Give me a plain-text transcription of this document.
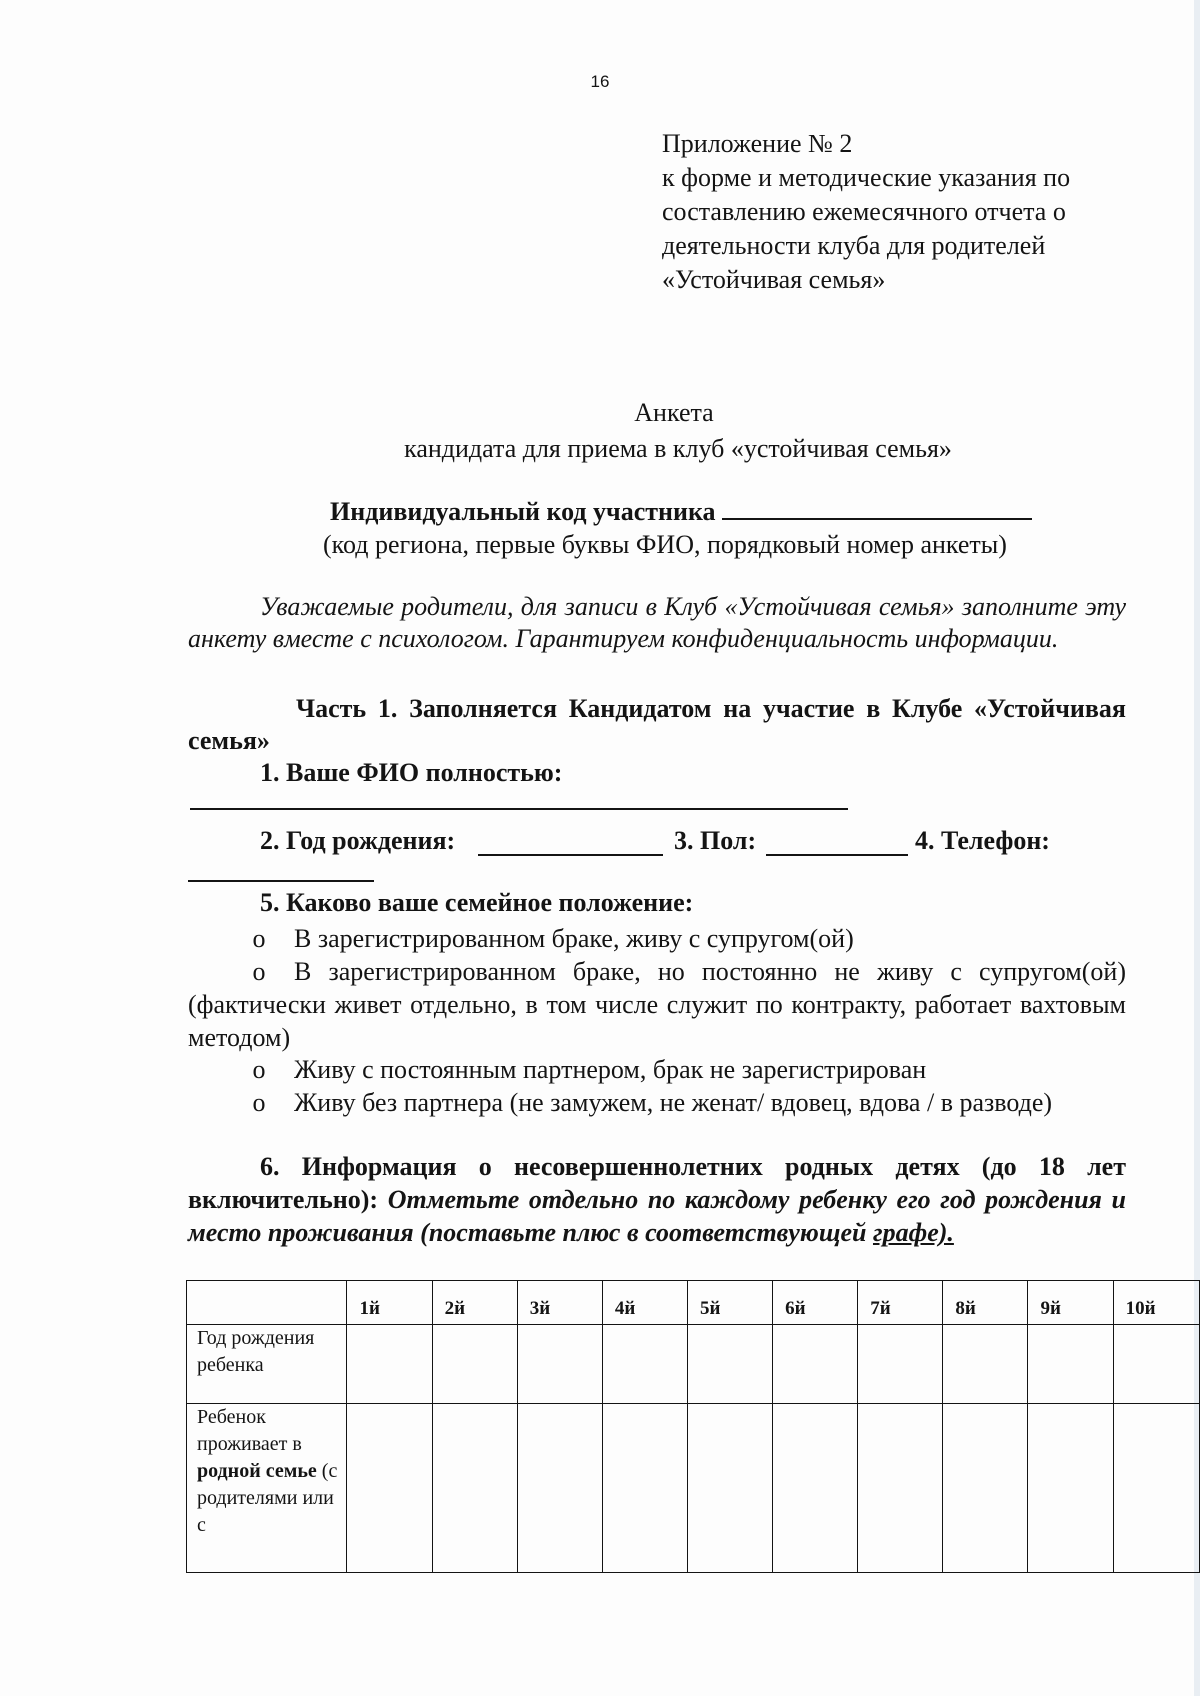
16
Приложение № 2
к форме и методические указания по
составлению ежемесячного отчета о
деятельности клуба для родителей
«Устойчивая семья»
Анкета
кандидата для приема в клуб «устойчивая семья»
Индивидуальный код участника
(код региона, первые буквы ФИО, порядковый номер анкеты)
Уважаемые родители, для записи в Клуб «Устойчивая семья» заполните эту анкету вместе с психологом. Гарантируем конфиденциальность информации.
Часть 1. Заполняется Кандидатом на участие в Клубе «Устойчивая семья»
1. Ваше ФИО полностью:
2. Год рождения:	3. Пол:	4. Телефон:
5. Каково ваше семейное положение:
o В зарегистрированном браке, живу с супругом(ой)
o В зарегистрированном браке, но постоянно не живу с супругом(ой) (фактически живет отдельно, в том числе служит по контракту, работает вахтовым методом)
o Живу с постоянным партнером, брак не зарегистрирован
o Живу без партнера (не замужем, не женат/ вдовец, вдова / в разводе)
6. Информация о несовершеннолетних родных детях (до 18 лет включительно): Отметьте отдельно по каждому ребенку его год рождения и место проживания (поставьте плюс в соответствующей графе).
	1й	2й	3й	4й	5й	6й	7й	8й	9й	10й
Год рождения ребенка										
Ребенок проживает в родной семье (с родителями или с										
